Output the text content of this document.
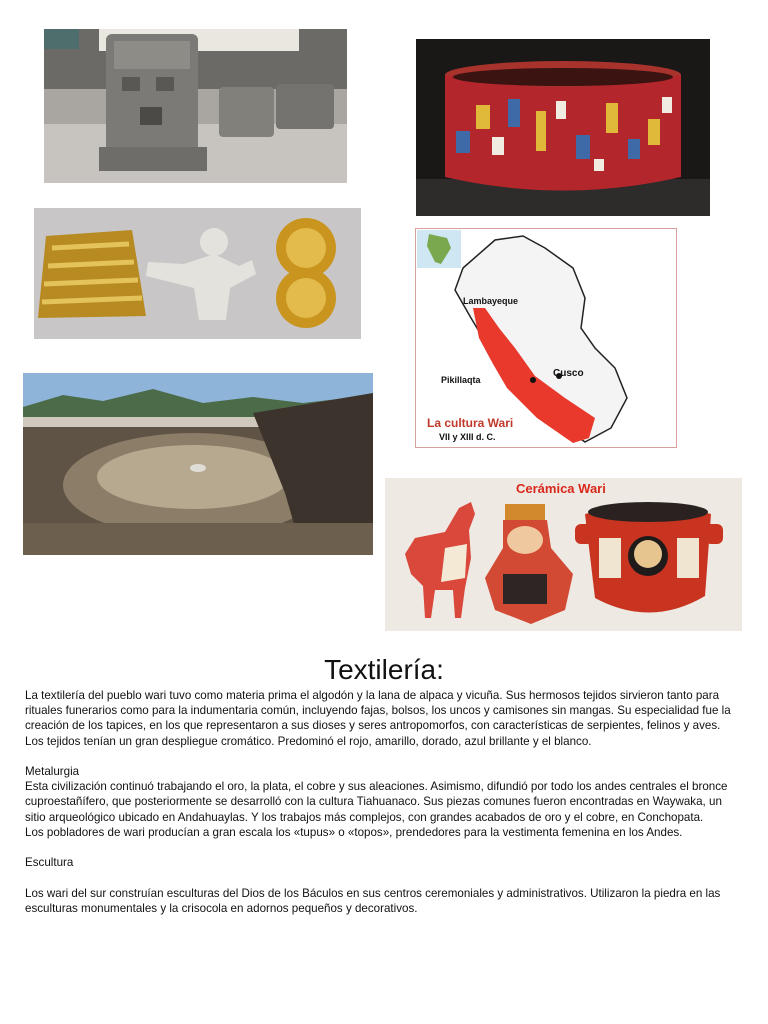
Lambayeque
Pikillaqta
Cusco
La cultura Wari
VII y XIII d. C.
Cerámica Wari
Textilería:

La textilería del pueblo wari tuvo como materia prima el algodón y la lana de alpaca y vicuña. Sus hermosos tejidos sirvieron tanto para rituales funerarios como para la indumentaria común, incluyendo fajas, bolsos, los uncos y camisones sin mangas. Su especialidad fue la creación de los tapices, en los que representaron a sus dioses y seres antropomorfos, con características de serpientes, felinos y aves.

Los tejidos tenían un gran despliegue cromático. Predominó el rojo, amarillo, dorado, azul brillante y el blanco.

Metalurgia

Esta civilización continuó trabajando el oro, la plata, el cobre y sus aleaciones. Asimismo, difundió por todo los andes centrales el bronce cuproestañífero, que posteriormente se desarrolló con la cultura Tiahuanaco. Sus piezas comunes fueron encontradas en Waywaka, un sitio arqueológico ubicado en Andahuaylas. Y los trabajos más complejos, con grandes acabados de oro y el cobre, en Conchopata.

Los pobladores de wari producían a gran escala los «tupus» o «topos», prendedores para la vestimenta femenina en los Andes.

Escultura

Los wari del sur construían esculturas del Dios de los Báculos en sus centros ceremoniales y administrativos. Utilizaron la piedra en las esculturas monumentales y la crisocola en adornos pequeños y decorativos.
